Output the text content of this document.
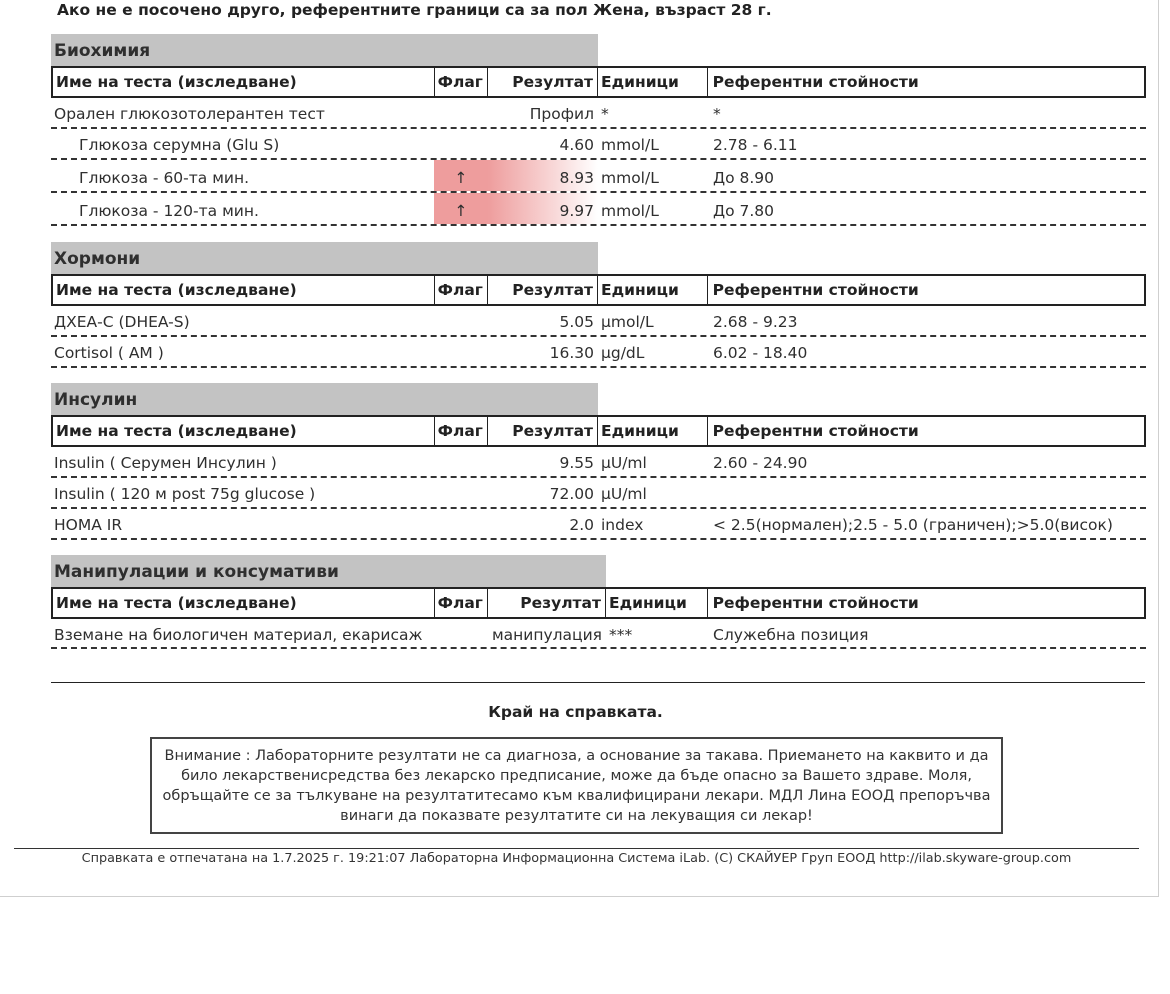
Ако не е посочено друго, референтните граници са за пол Жена, възраст 28 г.
Биохимия
Име на теста (изследване)	Флаг	Резултат Единици	Референтни стойности
Орален глюкозотолерантен тест	Профил *	*
Глюкоза серумна (Glu S)	4.60 mmol/L	2.78 - 6.11
Глюкоза - 60-та мин.	↑	8.93 mmol/L	До 8.90
Глюкоза - 120-та мин.	↑	9.97 mmol/L	До 7.80
Хормони
Име на теста (изследване)	Флаг	Резултат Единици	Референтни стойности
ДХЕА-С (DHEA-S)	5.05 µmol/L	2.68 - 9.23
Cortisol ( AM )	16.30 µg/dL	6.02 - 18.40
Инсулин
Име на теста (изследване)	Флаг	Резултат Единици	Референтни стойности
Insulin ( Серумен Инсулин )	9.55 µU/ml	2.60 - 24.90
Insulin ( 120 м post 75g glucose )	72.00 µU/ml
HOMA IR	2.0 index	< 2.5(нормален);2.5 - 5.0 (граничен);>5.0(висок)
Манипулации и консумативи
Име на теста (изследване)	Флаг	Резултат Единици	Референтни стойности
Вземане на биологичен материал, екарисаж	манипулация ***	Служебна позиция
Край на справката.
Внимание : Лабораторните резултати не са диагноза, а основание за такава. Приемането на каквито и да било лекарственисредства без лекарско предписание, може да бъде опасно за Вашето здраве. Моля, обръщайте се за тълкуване на резултатитесамо към квалифицирани лекари. МДЛ Лина ЕООД препоръчва винаги да показвате резултатите си на лекуващия си лекар!
Справката е отпечатана на 1.7.2025 г. 19:21:07 Лабораторна Информационна Система iLab. (C) СКАЙУЕР Груп ЕООД http://ilab.skyware-group.com
